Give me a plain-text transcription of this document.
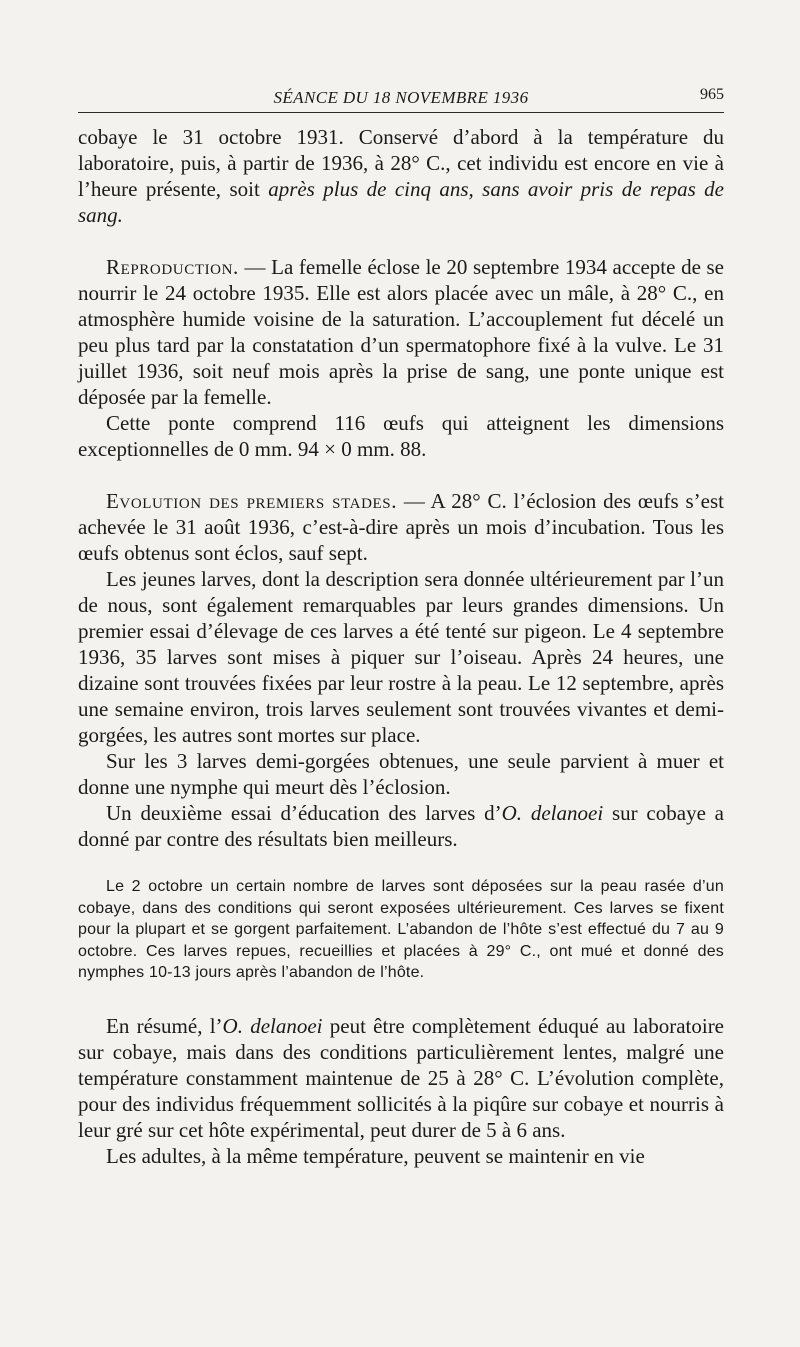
SÉANCE DU 18 NOVEMBRE 1936	965

cobaye le 31 octobre 1931. Conservé d’abord à la température du laboratoire, puis, à partir de 1936, à 28° C., cet individu est encore en vie à l’heure présente, soit après plus de cinq ans, sans avoir pris de repas de sang.

Reproduction. — La femelle éclose le 20 septembre 1934 accepte de se nourrir le 24 octobre 1935. Elle est alors placée avec un mâle, à 28° C., en atmosphère humide voisine de la saturation. L’accouplement fut décelé un peu plus tard par la constatation d’un spermatophore fixé à la vulve. Le 31 juillet 1936, soit neuf mois après la prise de sang, une ponte unique est déposée par la femelle.

Cette ponte comprend 116 œufs qui atteignent les dimensions exceptionnelles de 0 mm. 94 × 0 mm. 88.

Evolution des premiers stades. — A 28° C. l’éclosion des œufs s’est achevée le 31 août 1936, c’est-à-dire après un mois d’incubation. Tous les œufs obtenus sont éclos, sauf sept.

Les jeunes larves, dont la description sera donnée ultérieurement par l’un de nous, sont également remarquables par leurs grandes dimensions. Un premier essai d’élevage de ces larves a été tenté sur pigeon. Le 4 septembre 1936, 35 larves sont mises à piquer sur l’oiseau. Après 24 heures, une dizaine sont trouvées fixées par leur rostre à la peau. Le 12 septembre, après une semaine environ, trois larves seulement sont trouvées vivantes et demi-gorgées, les autres sont mortes sur place.

Sur les 3 larves demi-gorgées obtenues, une seule parvient à muer et donne une nymphe qui meurt dès l’éclosion.

Un deuxième essai d’éducation des larves d’O. delanoei sur cobaye a donné par contre des résultats bien meilleurs.

Le 2 octobre un certain nombre de larves sont déposées sur la peau rasée d’un cobaye, dans des conditions qui seront exposées ultérieurement. Ces larves se fixent pour la plupart et se gorgent parfaitement. L’abandon de l’hôte s’est effectué du 7 au 9 octobre. Ces larves repues, recueillies et placées à 29° C., ont mué et donné des nymphes 10-13 jours après l’abandon de l’hôte.

En résumé, l’O. delanoei peut être complètement éduqué au laboratoire sur cobaye, mais dans des conditions particulièrement lentes, malgré une température constamment maintenue de 25 à 28° C. L’évolution complète, pour des individus fréquemment sollicités à la piqûre sur cobaye et nourris à leur gré sur cet hôte expérimental, peut durer de 5 à 6 ans.

Les adultes, à la même température, peuvent se maintenir en vie
